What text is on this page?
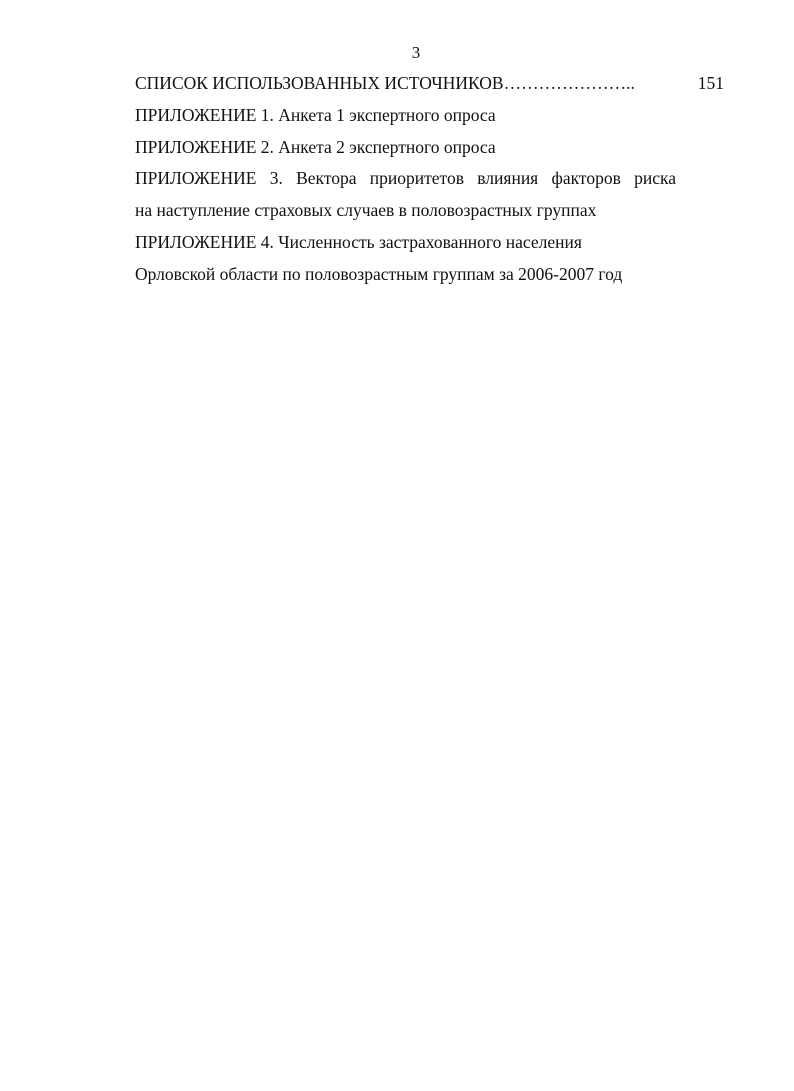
3
СПИСОК ИСПОЛЬЗОВАННЫХ ИСТОЧНИКОВ…………………..	151
ПРИЛОЖЕНИЕ 1. Анкета 1 экспертного опроса
ПРИЛОЖЕНИЕ 2. Анкета 2 экспертного опроса
ПРИЛОЖЕНИЕ 3. Вектора приоритетов влияния факторов риска
на наступление страховых случаев в половозрастных группах
ПРИЛОЖЕНИЕ 4. Численность застрахованного населения
Орловской области по половозрастным группам за 2006-2007 год
